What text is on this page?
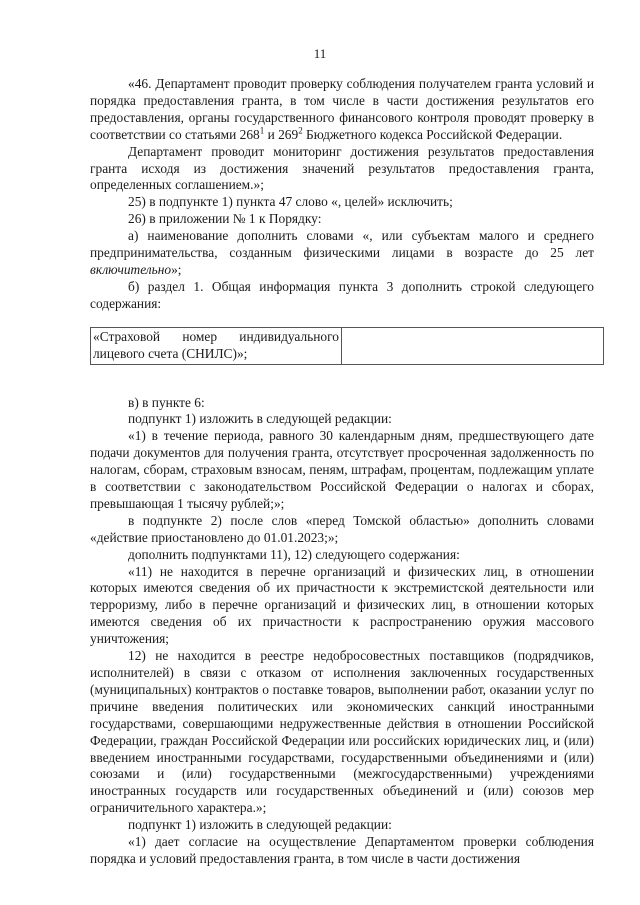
11

«46. Департамент проводит проверку соблюдения получателем гранта условий и порядка предоставления гранта, в том числе в части достижения результатов его предоставления, органы государственного финансового контроля проводят проверку в соответствии со статьями $268^1$ и $269^2$ Бюджетного кодекса Российской Федерации.

Департамент проводит мониторинг достижения результатов предоставления гранта исходя из достижения значений результатов предоставления гранта, определенных соглашением.»;

25) в подпункте 1) пункта 47 слово «, целей» исключить;

26) в приложении № 1 к Порядку:

а) наименование дополнить словами «, или субъектам малого и среднего предпринимательства, созданным физическими лицами в возрасте до 25 лет включительно»;

б) раздел 1. Общая информация пункта 3 дополнить строкой следующего содержания:

«Страховой номер индивидуального лицевого счета (СНИЛС)»;	

в) в пункте 6:

подпункт 1) изложить в следующей редакции:

«1) в течение периода, равного 30 календарным дням, предшествующего дате подачи документов для получения гранта, отсутствует просроченная задолженность по налогам, сборам, страховым взносам, пеням, штрафам, процентам, подлежащим уплате в соответствии с законодательством Российской Федерации о налогах и сборах, превышающая 1 тысячу рублей;»;

в подпункте 2) после слов «перед Томской областью» дополнить словами «действие приостановлено до 01.01.2023;»;

дополнить подпунктами 11), 12) следующего содержания:

«11) не находится в перечне организаций и физических лиц, в отношении которых имеются сведения об их причастности к экстремистской деятельности или терроризму, либо в перечне организаций и физических лиц, в отношении которых имеются сведения об их причастности к распространению оружия массового уничтожения;

12) не находится в реестре недобросовестных поставщиков (подрядчиков, исполнителей) в связи с отказом от исполнения заключенных государственных (муниципальных) контрактов о поставке товаров, выполнении работ, оказании услуг по причине введения политических или экономических санкций иностранными государствами, совершающими недружественные действия в отношении Российской Федерации, граждан Российской Федерации или российских юридических лиц, и (или) введением иностранными государствами, государственными объединениями и (или) союзами и (или) государственными (межгосударственными) учреждениями иностранных государств или государственных объединений и (или) союзов мер ограничительного характера.»;

подпункт 1) изложить в следующей редакции:

«1) дает согласие на осуществление Департаментом проверки соблюдения порядка и условий предоставления гранта, в том числе в части достижения
